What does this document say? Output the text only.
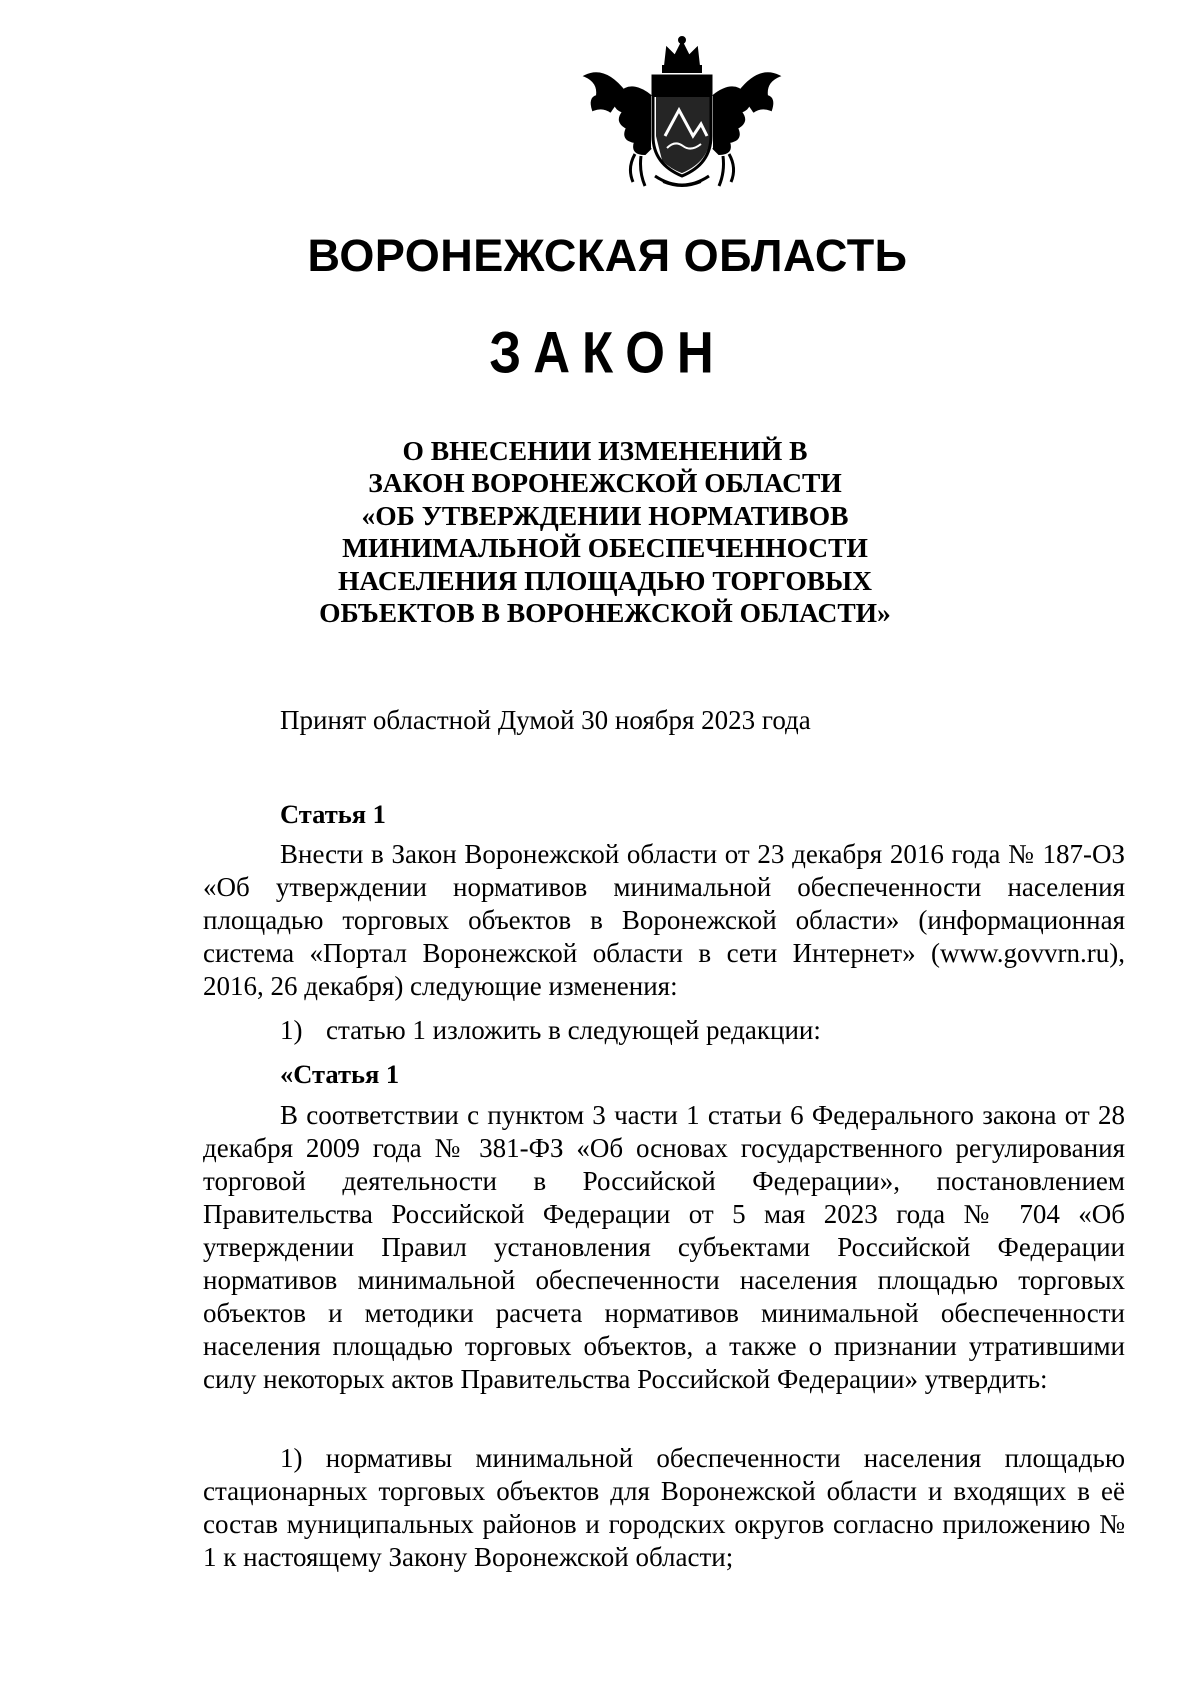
ВОРОНЕЖСКАЯ ОБЛАСТЬ
ЗАКОН
О ВНЕСЕНИИ ИЗМЕНЕНИЙ В
ЗАКОН ВОРОНЕЖСКОЙ ОБЛАСТИ
«ОБ УТВЕРЖДЕНИИ НОРМАТИВОВ
МИНИМАЛЬНОЙ ОБЕСПЕЧЕННОСТИ
НАСЕЛЕНИЯ ПЛОЩАДЬЮ ТОРГОВЫХ
ОБЪЕКТОВ В ВОРОНЕЖСКОЙ ОБЛАСТИ»
Принят областной Думой 30 ноября 2023 года
Статья 1
Внести в Закон Воронежской области от 23 декабря 2016 года № 187-ОЗ «Об утверждении нормативов минимальной обеспеченности населения площадью торговых объектов в Воронежской области» (информационная система «Портал Воронежской области в сети Интернет» (www.govvrn.ru), 2016, 26 декабря) следующие изменения:
1) статью 1 изложить в следующей редакции:
«Статья 1
В соответствии с пунктом 3 части 1 статьи 6 Федерального закона от 28 декабря 2009 года № 381-ФЗ «Об основах государственного регулирования торговой деятельности в Российской Федерации», постановлением Правительства Российской Федерации от 5 мая 2023 года № 704 «Об утверждении Правил установления субъектами Российской Федерации нормативов минимальной обеспеченности населения площадью торговых объектов и методики расчета нормативов минимальной обеспеченности населения площадью торговых объектов, а также о признании утратившими силу некоторых актов Правительства Российской Федерации» утвердить:
1) нормативы минимальной обеспеченности населения площадью стационарных торговых объектов для Воронежской области и входящих в её состав муниципальных районов и городских округов согласно приложению № 1 к настоящему Закону Воронежской области;
